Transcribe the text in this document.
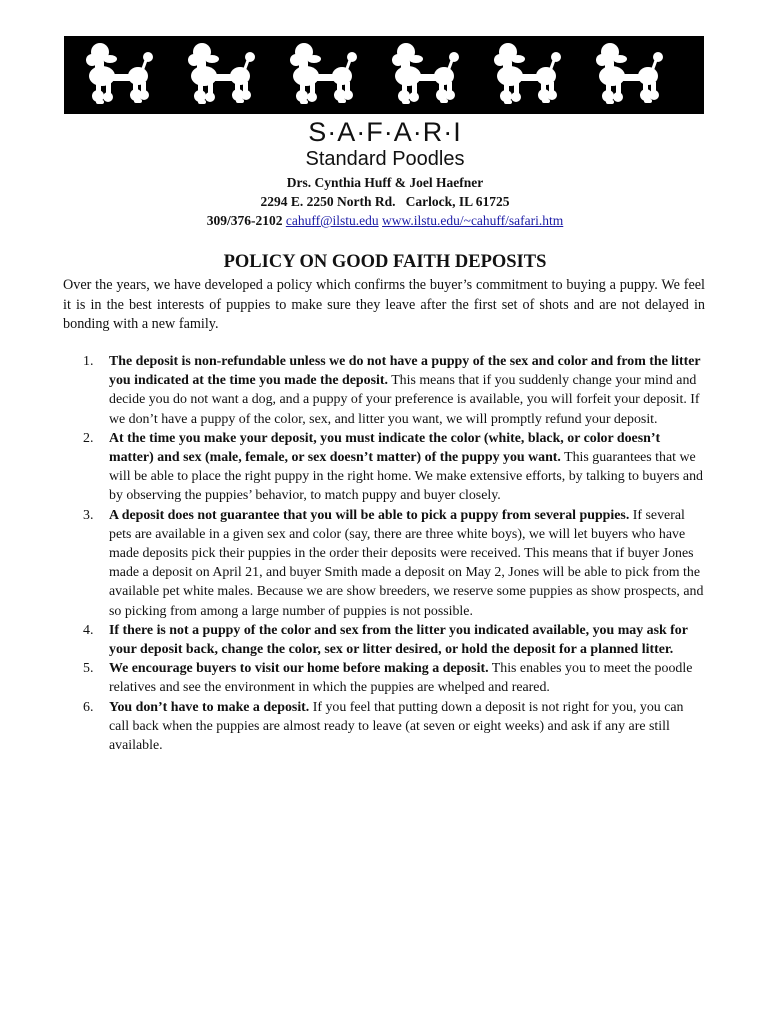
S·A·F·A·R·I
Standard Poodles
Drs. Cynthia Huff & Joel Haefner
2294 E. 2250 North Rd.   Carlock, IL 61725
309/376-2102 cahuff@ilstu.edu www.ilstu.edu/~cahuff/safari.htm
POLICY ON GOOD FAITH DEPOSITS
Over the years, we have developed a policy which confirms the buyer’s commitment to buying a puppy. We feel it is in the best interests of puppies to make sure they leave after the first set of shots and are not delayed in bonding with a new family.
1. The deposit is non-refundable unless we do not have a puppy of the sex and color and from the litter you indicated at the time you made the deposit. This means that if you suddenly change your mind and decide you do not want a dog, and a puppy of your preference is available, you will forfeit your deposit. If we don’t have a puppy of the color, sex, and litter you want, we will promptly refund your deposit.
2. At the time you make your deposit, you must indicate the color (white, black, or color doesn’t matter) and sex (male, female, or sex doesn’t matter) of the puppy you want. This guarantees that we will be able to place the right puppy in the right home. We make extensive efforts, by talking to buyers and by observing the puppies’ behavior, to match puppy and buyer closely.
3. A deposit does not guarantee that you will be able to pick a puppy from several puppies. If several pets are available in a given sex and color (say, there are three white boys), we will let buyers who have made deposits pick their puppies in the order their deposits were received. This means that if buyer Jones made a deposit on April 21, and buyer Smith made a deposit on May 2, Jones will be able to pick from the available pet white males. Because we are show breeders, we reserve some puppies as show prospects, and so picking from among a large number of puppies is not possible.
4. If there is not a puppy of the color and sex from the litter you indicated available, you may ask for your deposit back, change the color, sex or litter desired, or hold the deposit for a planned litter.
5. We encourage buyers to visit our home before making a deposit. This enables you to meet the poodle relatives and see the environment in which the puppies are whelped and reared.
6. You don’t have to make a deposit. If you feel that putting down a deposit is not right for you, you can call back when the puppies are almost ready to leave (at seven or eight weeks) and ask if any are still available.
